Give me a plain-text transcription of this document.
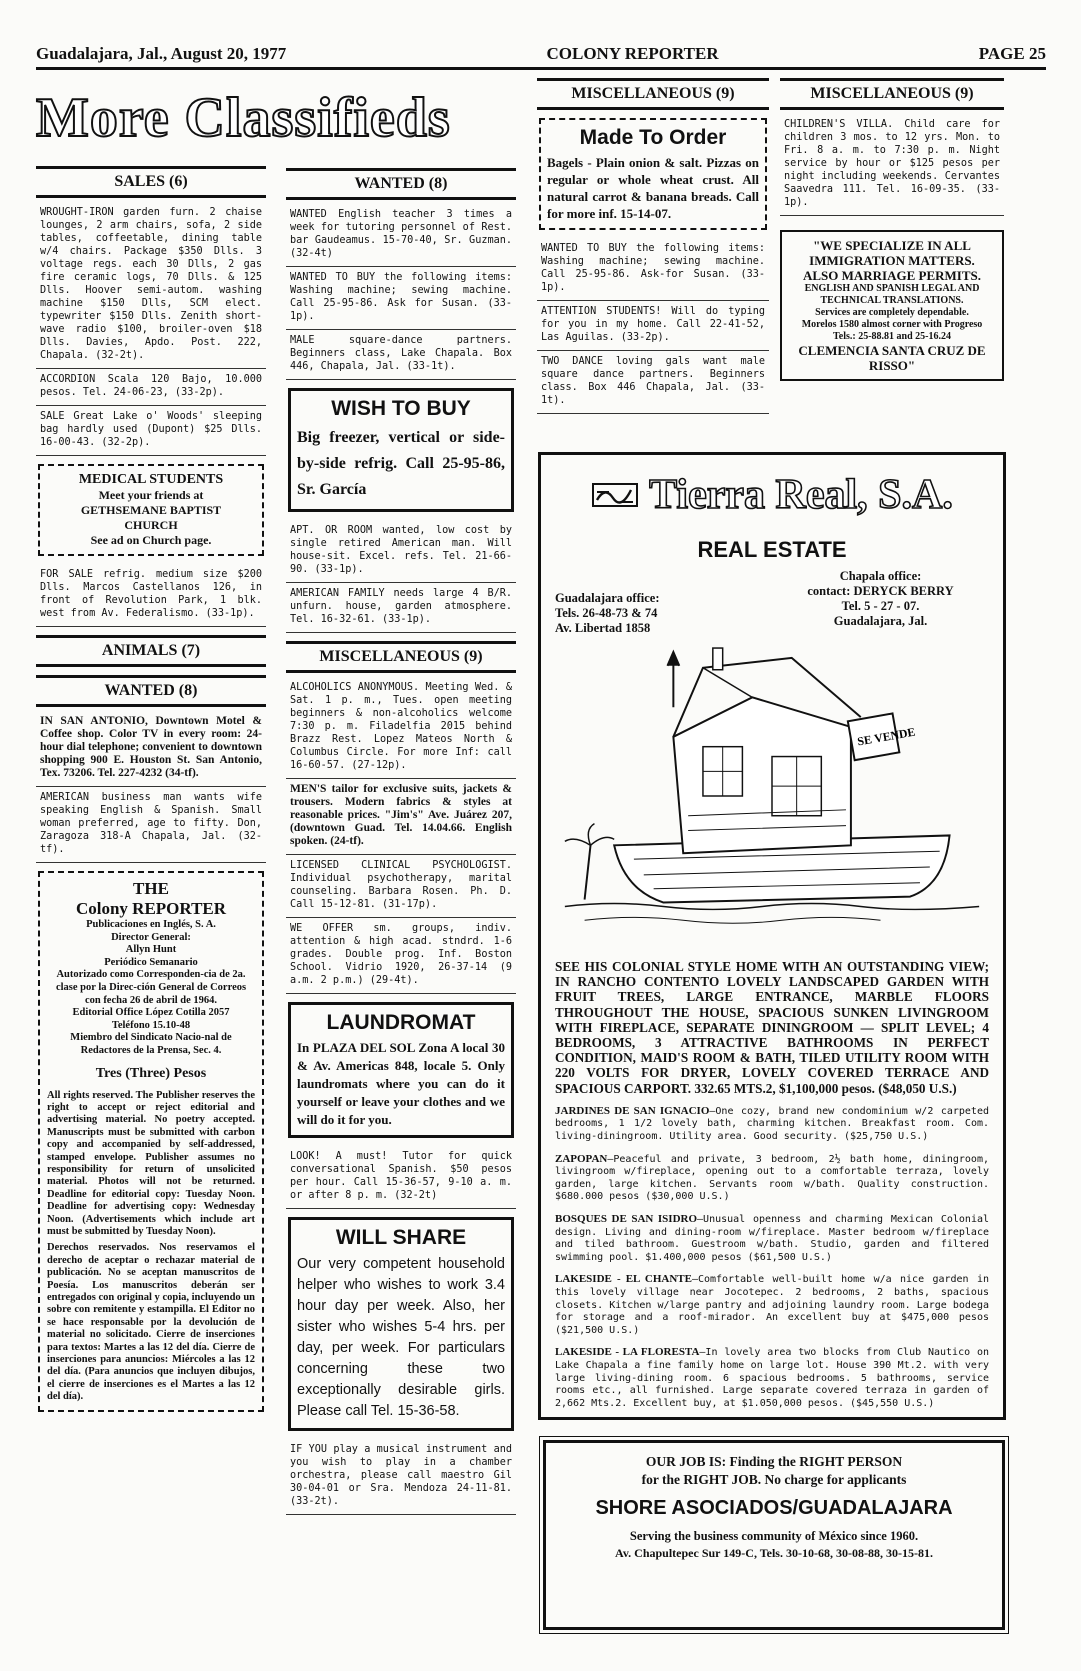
Guadalajara, Jal., August 20, 1977	COLONY REPORTER	PAGE 25
More Classifieds
SALES (6)
WROUGHT-IRON garden furn. 2 chaise lounges, 2 arm chairs, sofa, 2 side tables, coffeetable, dining table w/4 chairs. Package $350 Dlls. 3 voltage regs. each 30 Dlls, 2 gas fire ceramic logs, 70 Dlls. & 125 Dlls. Hoover semi-autom. washing machine $150 Dlls, SCM elect. typewriter $150 Dlls. Zenith short-wave radio $100, broiler-oven $18 Dlls. Davies, Apdo. Post. 222, Chapala. (32-2t).
ACCORDION Scala 120 Bajo, 10.000 pesos. Tel. 24-06-23, (33-2p).
SALE Great Lake o' Woods' sleeping bag hardly used (Dupont) $25 Dlls. 16-00-43. (32-2p).
MEDICAL STUDENTS
Meet your friends at
GETHSEMANE BAPTIST
CHURCH
See ad on Church page.
FOR SALE refrig. medium size $200 Dlls. Marcos Castellanos 126, in front of Revolution Park, 1 blk. west from Av. Federalismo. (33-1p).
ANIMALS (7)
WANTED (8)
IN SAN ANTONIO, Downtown Motel & Coffee shop. Color TV in every room: 24-hour dial telephone; convenient to downtown shopping 900 E. Houston St. San Antonio, Tex. 73206. Tel. 227-4232 (34-tf).
AMERICAN business man wants wife speaking English & Spanish. Small woman preferred, age to fifty. Don, Zaragoza 318-A Chapala, Jal. (32-tf).
THE
Colony REPORTER
Publicaciones en Inglés, S. A.
Director General:
Allyn Hunt
Periódico Semanario
Autorizado como Corresponden-cia de 2a. clase por la Direc-ción General de Correos con fecha 26 de abril de 1964.
Editorial Office López Cotilla 2057
Teléfono 15.10-48
Miembro del Sindicato Nacio-nal de Redactores de la Prensa, Sec. 4.
Tres (Three) Pesos
All rights reserved. The Publisher reserves the right to accept or reject editorial and advertising material. No poetry accepted. Manuscripts must be submitted with carbon copy and accompanied by self-addressed, stamped envelope. Publisher assumes no responsibility for return of unsolicited material. Photos will not be returned. Deadline for editorial copy: Tuesday Noon. Deadline for advertising copy: Wednesday Noon. (Advertisements which include art must be submitted by Tuesday Noon).
Derechos reservados. Nos reservamos el derecho de aceptar o rechazar material de publicación. No se aceptan manuscritos de Poesía. Los manuscritos deberán ser entregados con original y copia, incluyendo un sobre con remitente y estampilla. El Editor no se hace responsable por la devolución de material no solicitado. Cierre de inserciones para textos: Martes a las 12 del día. Cierre de inserciones para anuncios: Miércoles a las 12 del día. (Para anuncios que incluyen dibujos, el cierre de inserciones es el Martes a las 12 del día).
WANTED (8)
WANTED English teacher 3 times a week for tutoring personnel of Rest. bar Gaudeamus. 15-70-40, Sr. Guzman. (32-4t)
WANTED TO BUY the following items: Washing machine; sewing machine. Call 25-95-86. Ask for Susan. (33-1p).
MALE square-dance partners. Beginners class, Lake Chapala. Box 446, Chapala, Jal. (33-1t).
WISH TO BUY
Big freezer, vertical or side-by-side refrig. Call 25-95-86, Sr. García
APT. OR ROOM wanted, low cost by single retired American man. Will house-sit. Excel. refs. Tel. 21-66-90. (33-1p).
AMERICAN FAMILY needs large 4 B/R. unfurn. house, garden atmosphere. Tel. 16-32-61. (33-1p).
MISCELLANEOUS (9)
ALCOHOLICS ANONYMOUS. Meeting Wed. & Sat. 1 p. m., Tues. open meeting beginners & non-alcoholics welcome 7:30 p. m. Filadelfia 2015 behind Brazz Rest. Lopez Mateos North & Columbus Circle. For more Inf: call 16-60-57. (27-12p).
MEN'S tailor for exclusive suits, jackets & trousers. Modern fabrics & styles at reasonable prices. "Jim's" Ave. Juárez 207, (downtown Guad. Tel. 14.04.66. English spoken. (24-tf).
LICENSED CLINICAL PSYCHOLOGIST. Individual psychotherapy, marital counseling. Barbara Rosen. Ph. D. Call 15-12-81. (31-17p).
WE OFFER sm. groups, indiv. attention & high acad. stndrd. 1-6 grades. Double prog. Inf. Boston School. Vidrio 1920, 26-37-14 (9 a.m. 2 p.m.) (29-4t).
LAUNDROMAT
In PLAZA DEL SOL Zona A local 30 & Av. Americas 848, locale 5. Only laundromats where you can do it yourself or leave your clothes and we will do it for you.
LOOK! A must! Tutor for quick conversational Spanish. $50 pesos per hour. Call 15-36-57, 9-10 a. m. or after 8 p. m. (32-2t)
WILL SHARE
Our very competent household helper who wishes to work 3.4 hour day per week. Also, her sister who wishes 5-4 hrs. per day, per week. For particulars concerning these two exceptionally desirable girls. Please call Tel. 15-36-58.
IF YOU play a musical instrument and you wish to play in a chamber orchestra, please call maestro Gil 30-04-01 or Sra. Mendoza 24-11-81. (33-2t).
MISCELLANEOUS (9)
Made To Order
Bagels - Plain onion & salt. Pizzas on regular or whole wheat crust. All natural carrot & banana breads. Call for more inf. 15-14-07.
WANTED TO BUY the following items: Washing machine; sewing machine. Call 25-95-86. Ask-for Susan. (33-1p).
ATTENTION STUDENTS! Will do typing for you in my home. Call 22-41-52, Las Aguilas. (33-2p).
TWO DANCE loving gals want male square dance partners. Beginners class. Box 446 Chapala, Jal. (33-1t).
MISCELLANEOUS (9)
CHILDREN'S VILLA. Child care for children 3 mos. to 12 yrs. Mon. to Fri. 8 a. m. to 7:30 p. m. Night service by hour or $125 pesos per night including weekends. Cervantes Saavedra 111. Tel. 16-09-35. (33-1p).
"WE SPECIALIZE IN ALL IMMIGRATION MATTERS.
ALSO MARRIAGE PERMITS.
ENGLISH AND SPANISH LEGAL AND TECHNICAL TRANSLATIONS.
Services are completely dependable.
Morelos 1580 almost corner with Progreso
Tels.: 25-88.81 and 25-16.24
CLEMENCIA SANTA CRUZ DE RISSO"
Tierra Real, S.A.
REAL ESTATE
Guadalajara office:
Tels. 26-48-73 & 74
Av. Libertad 1858
Chapala office:
contact: DERYCK BERRY
Tel. 5 - 27 - 07.
Guadalajara, Jal.
SE VENDE
SEE HIS COLONIAL STYLE HOME WITH AN OUTSTANDING VIEW; IN RANCHO CONTENTO LOVELY LANDSCAPED GARDEN WITH FRUIT TREES, LARGE ENTRANCE, MARBLE FLOORS THROUGHOUT THE HOUSE, SPACIOUS SUNKEN LIVINGROOM WITH FIREPLACE, SEPARATE DININGROOM — SPLIT LEVEL; 4 BEDROOMS, 3 ATTRACTIVE BATHROOMS IN PERFECT CONDITION, MAID'S ROOM & BATH, TILED UTILITY ROOM WITH 220 VOLTS FOR DRYER, LOVELY COVERED TERRACE AND SPACIOUS CARPORT. 332.65 MTS.2, $1,100,000 pesos. ($48,050 U.S.)
JARDINES DE SAN IGNACIO—One cozy, brand new condominium w/2 carpeted bedrooms, 1 1/2 lovely bath, charming kitchen. Breakfast room. Com. living-diningroom. Utility area. Good security. ($25,750 U.S.)
ZAPOPAN—Peaceful and private, 3 bedroom, 2½ bath home, diningroom, livingroom w/fireplace, opening out to a comfortable terraza, lovely garden, large kitchen. Servants room w/bath. Quality construction. $680.000 pesos ($30,000 U.S.)
BOSQUES DE SAN ISIDRO—Unusual openness and charming Mexican Colonial design. Living and dining-room w/fireplace. Master bedroom w/fireplace and tiled bathroom. Guestroom w/bath. Studio, garden and filtered swimming pool. $1.400,000 pesos ($61,500 U.S.)
LAKESIDE - EL CHANTE—Comfortable well-built home w/a nice garden in this lovely village near Jocotepec. 2 bedrooms, 2 baths, spacious closets. Kitchen w/large pantry and adjoining laundry room. Large bodega for storage and a roof-mirador. An excellent buy at $475,000 pesos ($21,500 U.S.)
LAKESIDE - LA FLORESTA—In lovely area two blocks from Club Nautico on Lake Chapala a fine family home on large lot. House 390 Mt.2. with very large living-dining room. 6 spacious bedrooms. 5 bathrooms, service rooms etc., all furnished. Large separate covered terraza in garden of 2,662 Mts.2. Excellent buy, at $1.050,000 pesos. ($45,550 U.S.)
OUR JOB IS: Finding the RIGHT PERSON
for the RIGHT JOB. No charge for applicants
SHORE ASOCIADOS/GUADALAJARA
Serving the business community of México since 1960.
Av. Chapultepec Sur 149-C, Tels. 30-10-68, 30-08-88, 30-15-81.
